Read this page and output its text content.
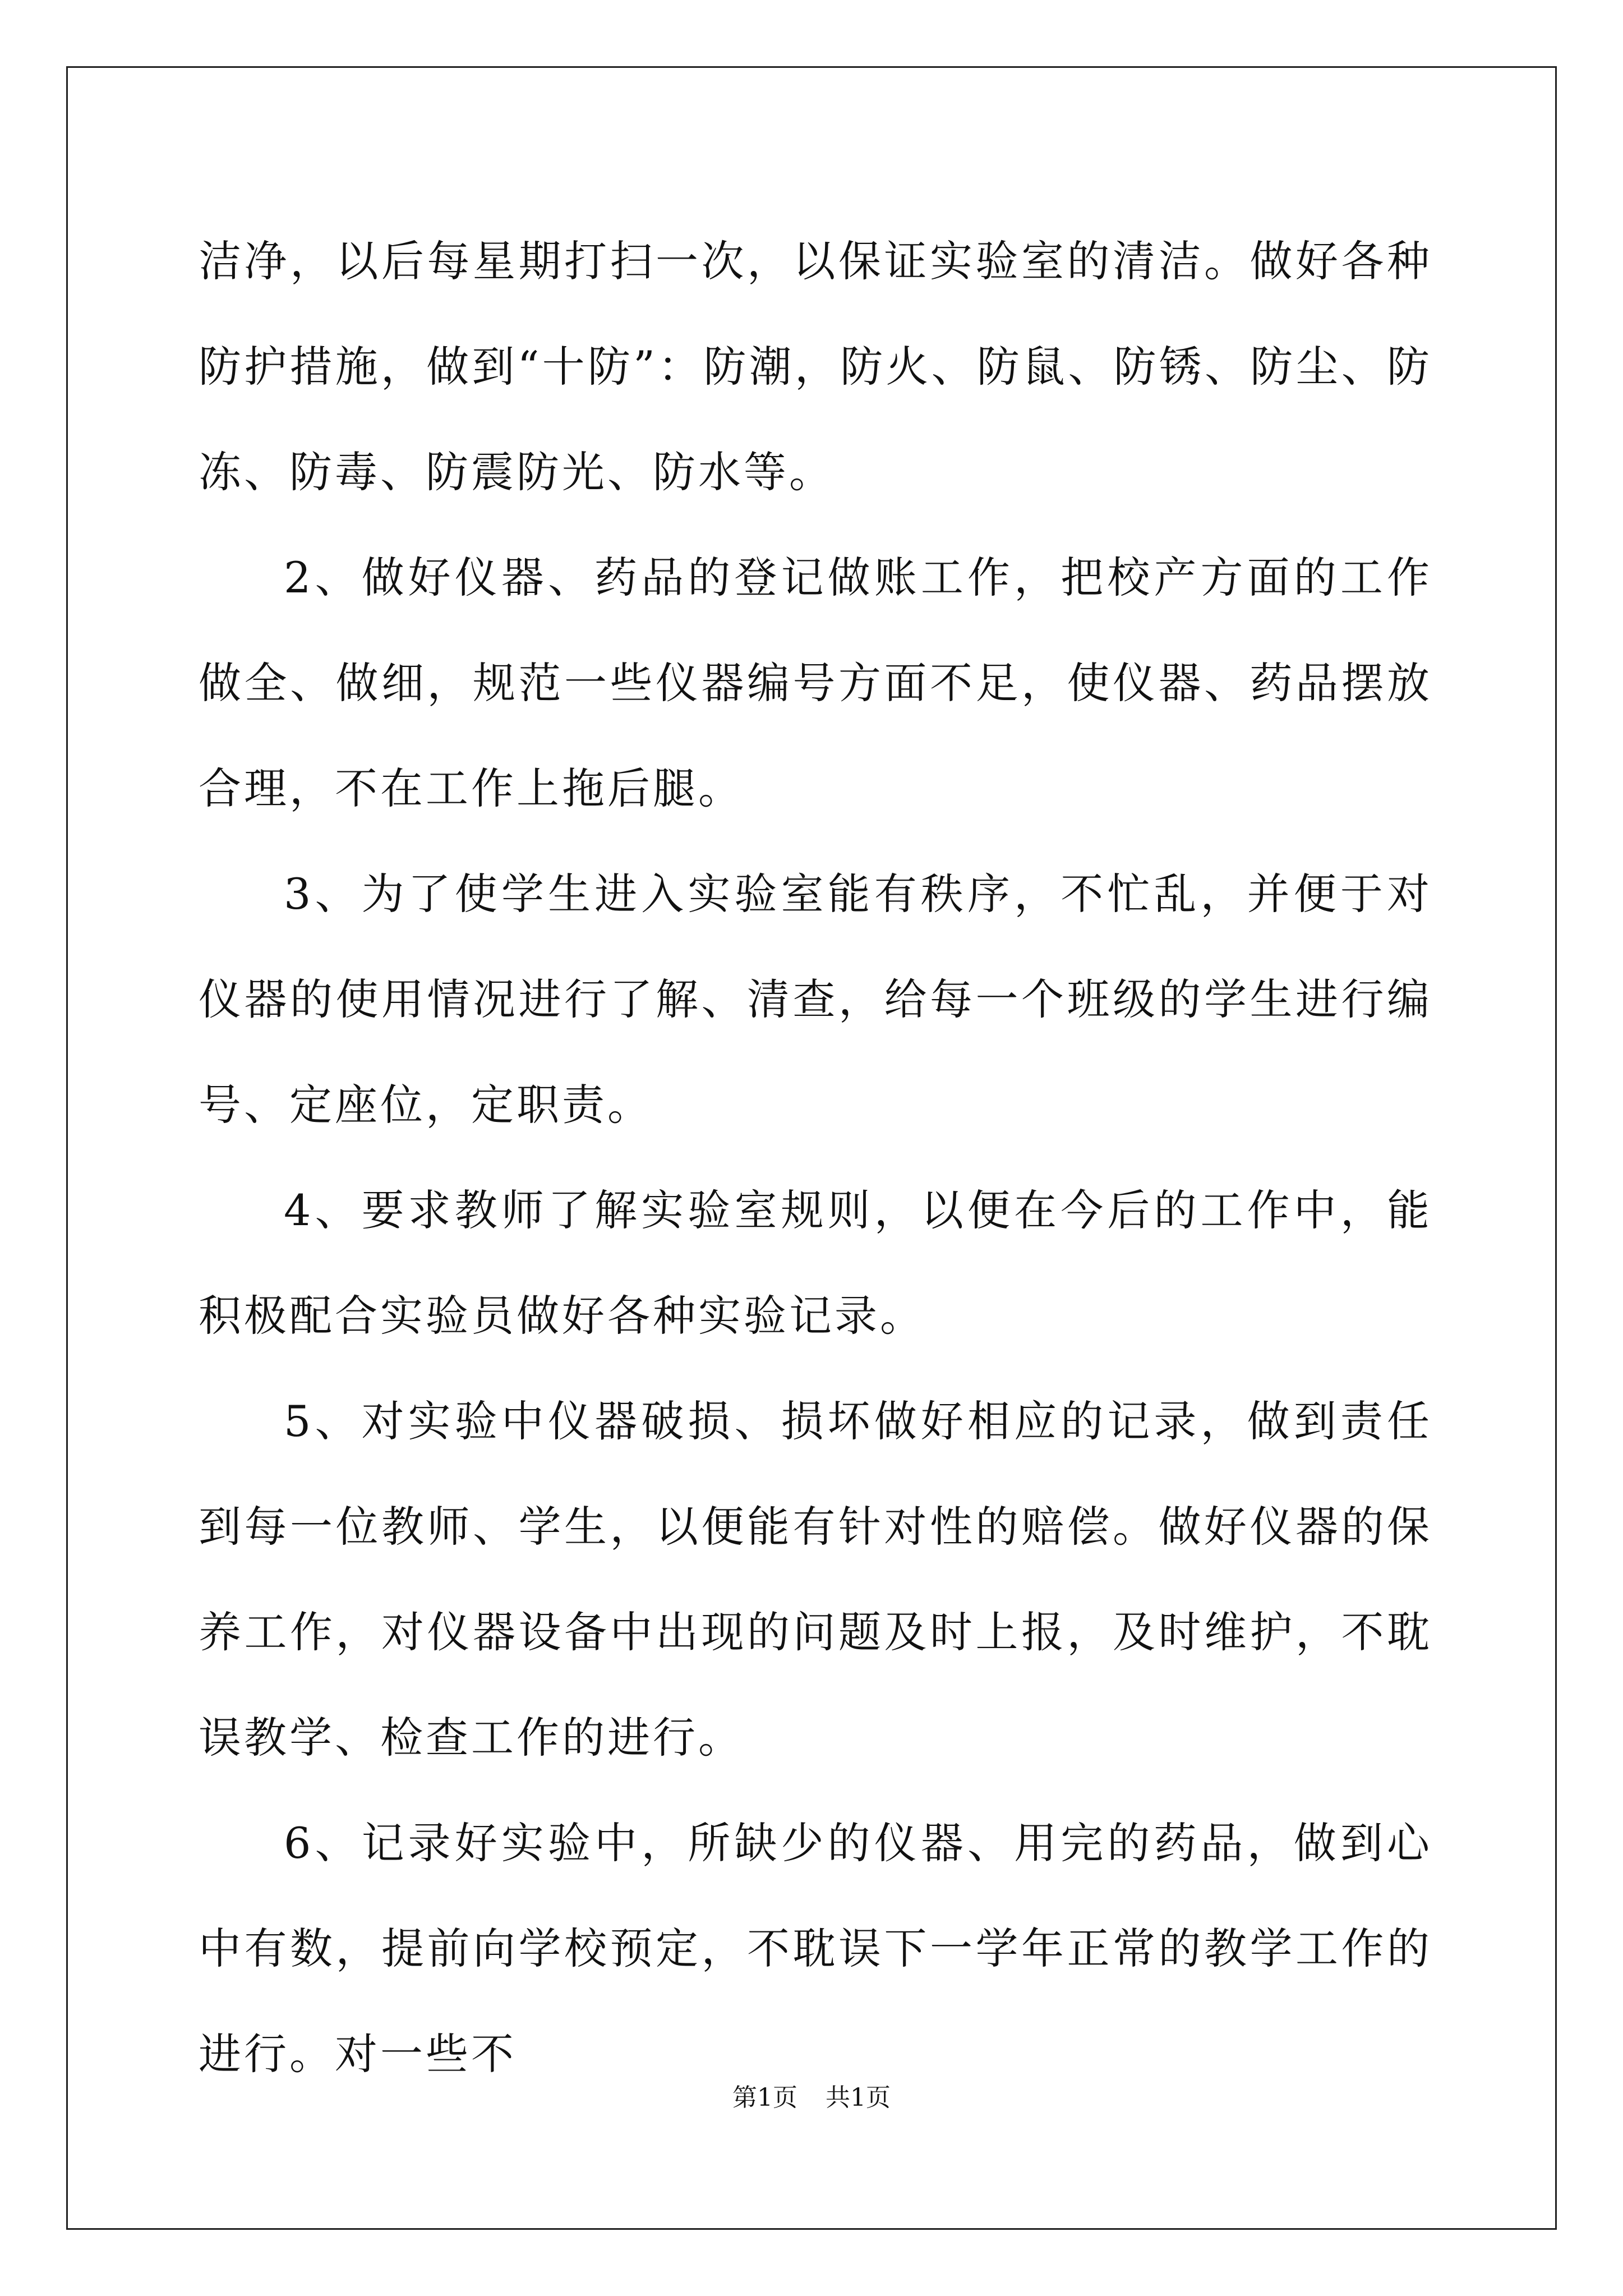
洁净，以后每星期打扫一次，以保证实验室的清洁。做好各种防护措施，做到“十防”：防潮，防火、防鼠、防锈、防尘、防冻、防毒、防震防光、防水等。

2、做好仪器、药品的登记做账工作，把校产方面的工作做全、做细，规范一些仪器编号方面不足，使仪器、药品摆放合理，不在工作上拖后腿。

3、为了使学生进入实验室能有秩序，不忙乱，并便于对仪器的使用情况进行了解、清查，给每一个班级的学生进行编号、定座位，定职责。

4、要求教师了解实验室规则，以便在今后的工作中，能积极配合实验员做好各种实验记录。

5、对实验中仪器破损、损坏做好相应的记录，做到责任到每一位教师、学生，以便能有针对性的赔偿。做好仪器的保养工作，对仪器设备中出现的问题及时上报，及时维护，不耽误教学、检查工作的进行。

6、记录好实验中，所缺少的仪器、用完的药品，做到心中有数，提前向学校预定，不耽误下一学年正常的教学工作的进行。对一些不

第1页 共1页
